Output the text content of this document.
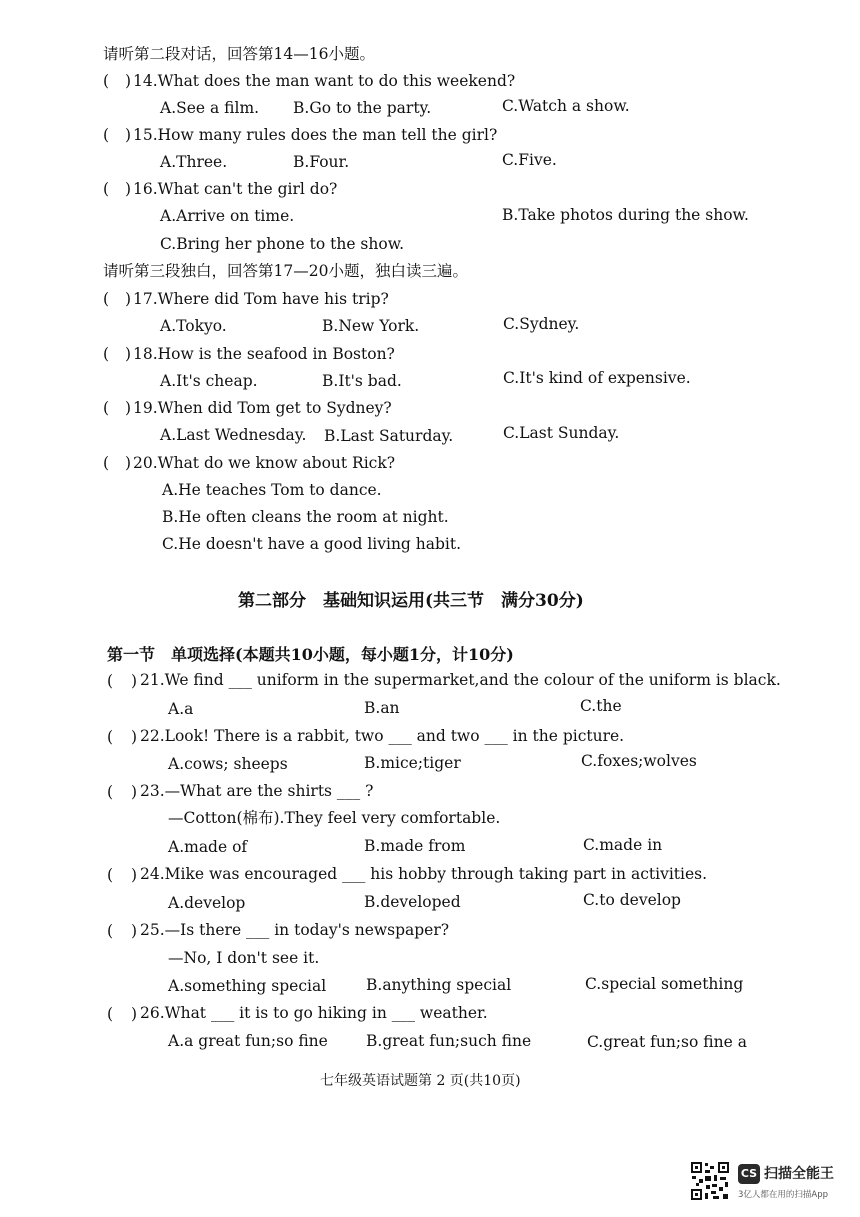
请听第二段对话，回答第14—16小题。
( ) 14.What does the man want to do this weekend?
A.See a film. B.Go to the party.	C.Watch a show.
( ) 15.How many rules does the man tell the girl?
A.Three.	B.Four.	C.Five.
( ) 16.What can't the girl do?
A.Arrive on time.	B.Take photos during the show.
C.Bring her phone to the show.
请听第三段独白，回答第17—20小题，独白读三遍。
( ) 17.Where did Tom have his trip?
A.Tokyo.	B.New York.	C.Sydney.
( ) 18.How is the seafood in Boston?
A.It's cheap.	B.It's bad.	C.It's kind of expensive.
( ) 19.When did Tom get to Sydney?
A.Last Wednesday. B.Last Saturday.	C.Last Sunday.
( ) 20.What do we know about Rick?
A.He teaches Tom to dance.
B.He often cleans the room at night.
C.He doesn't have a good living habit.
第二部分　基础知识运用(共三节　满分30分)
第一节　单项选择(本题共10小题，每小题1分，计10分)
( ) 21.We find ___ uniform in the supermarket,and the colour of the uniform is black.
A.a	B.an	C.the
( ) 22.Look! There is a rabbit, two ___ and two ___ in the picture.
A.cows; sheeps	B.mice;tiger	C.foxes;wolves
( ) 23.—What are the shirts ___ ?
—Cotton(棉布).They feel very comfortable.
A.made of	B.made from	C.made in
( ) 24.Mike was encouraged ___ his hobby through taking part in activities.
A.develop	B.developed	C.to develop
( ) 25.—Is there ___ in today's newspaper?
—No, I don't see it.
A.something special	B.anything special	C.special something
( ) 26.What ___ it is to go hiking in ___ weather.
A.a great fun;so fine B.great fun;such fine	C.great fun;so fine a
七年级英语试题第 2 页(共10页)
CS 扫描全能王
3亿人都在用的扫描App
